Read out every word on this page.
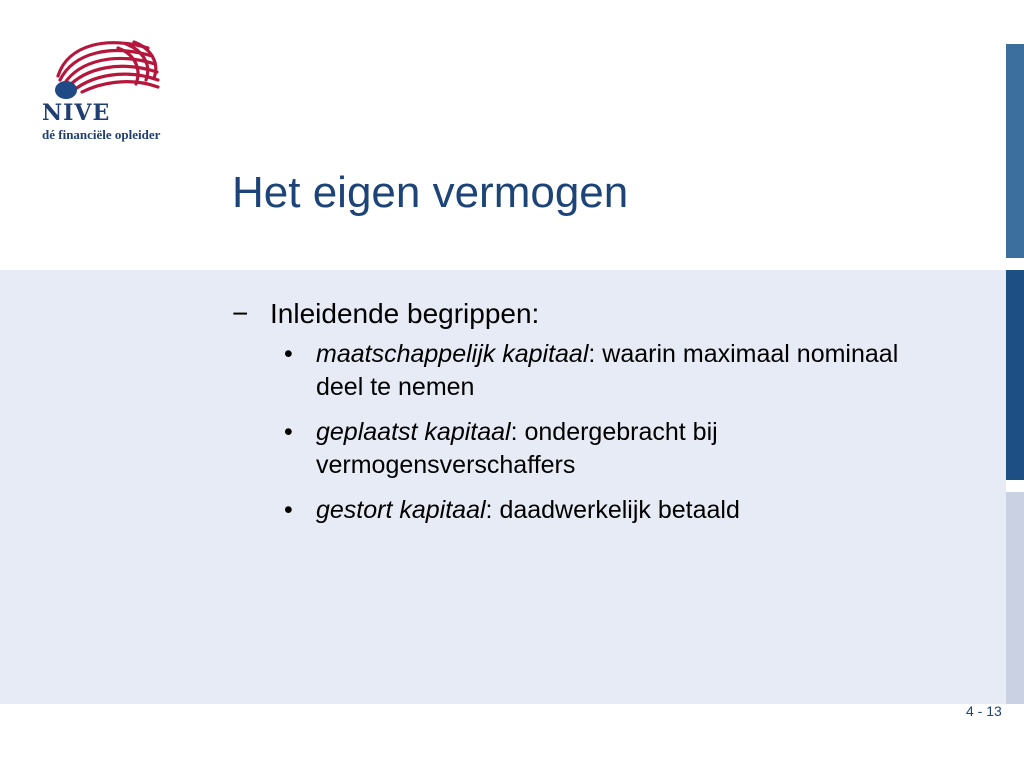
NIVE
dé financiële opleider
Het eigen vermogen
− Inleidende begrippen:
• maatschappelijk kapitaal: waarin maximaal nominaal deel te nemen
• geplaatst kapitaal: ondergebracht bij vermogensverschaffers
• gestort kapitaal: daadwerkelijk betaald
4 - 13
